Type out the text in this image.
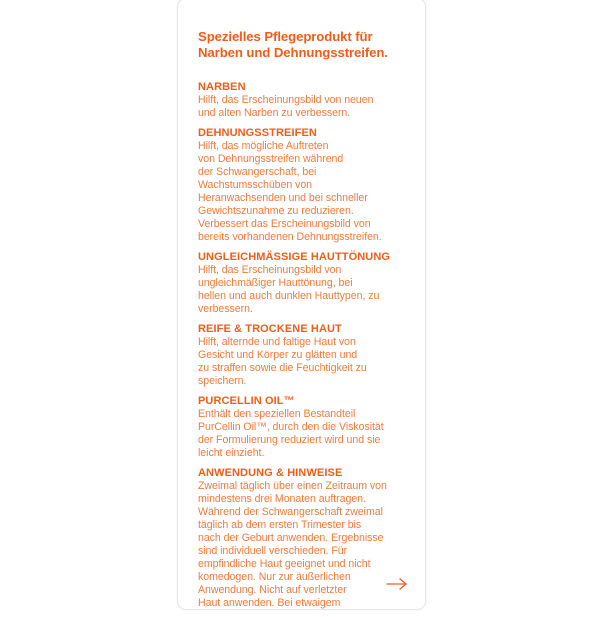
Spezielles Pflegeprodukt für
Narben und Dehnungsstreifen.
NARBEN
Hilft, das Erscheinungsbild von neuen
und alten Narben zu verbessern.
DEHNUNGSSTREIFEN
Hilft, das mögliche Auftreten
von Dehnungsstreifen während
der Schwangerschaft, bei
Wachstumsschüben von
Heranwachsenden und bei schneller
Gewichtszunahme zu reduzieren.
Verbessert das Erscheinungsbild von
bereits vorhandenen Dehnungsstreifen.
UNGLEICHMÄSSIGE HAUTTÖNUNG
Hilft, das Erscheinungsbild von
ungleichmäßiger Hauttönung, bei
hellen und auch dunklen Hauttypen, zu
verbessern.
REIFE & TROCKENE HAUT
Hilft, alternde und faltige Haut von
Gesicht und Körper zu glätten und
zu straffen sowie die Feuchtigkeit zu
speichern.
PURCELLIN OIL™
Enthält den speziellen Bestandteil
PurCellin Oil™, durch den die Viskosität
der Formulierung reduziert wird und sie
leicht einzieht.
ANWENDUNG & HINWEISE
Zweimal täglich über einen Zeitraum von
mindestens drei Monaten auftragen.
Während der Schwangerschaft zweimal
täglich ab dem ersten Trimester bis
nach der Geburt anwenden. Ergebnisse
sind individuell verschieden. Für
empfindliche Haut geeignet und nicht
komedogen. Nur zur äußerlichen
Anwendung. Nicht auf verletzter
Haut anwenden. Bei etwaigem
